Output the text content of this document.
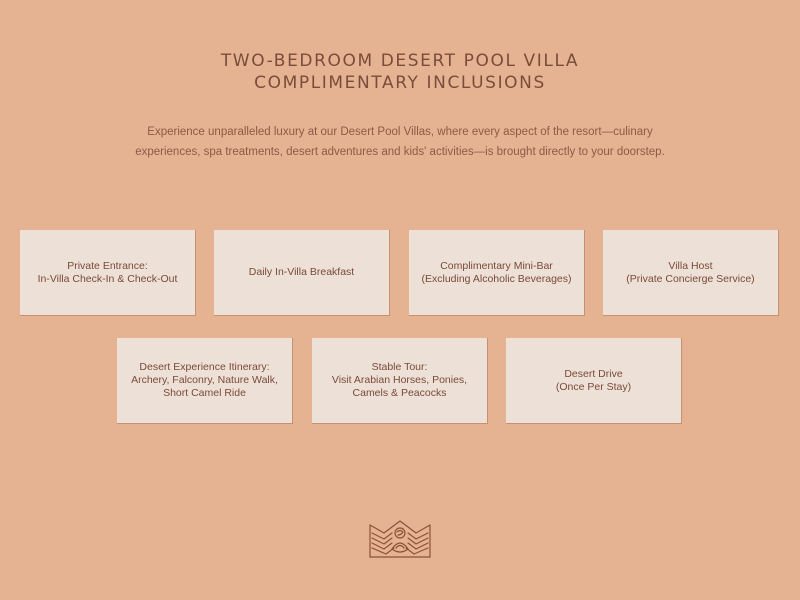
TWO-BEDROOM DESERT POOL VILLA
COMPLIMENTARY INCLUSIONS

Experience unparalleled luxury at our Desert Pool Villas, where every aspect of the resort—culinary
experiences, spa treatments, desert adventures and kids' activities—is brought directly to your doorstep.

Private Entrance:
In-Villa Check-In & Check-Out
Daily In-Villa Breakfast
Complimentary Mini-Bar
(Excluding Alcoholic Beverages)
Villa Host
(Private Concierge Service)
Desert Experience Itinerary:
Archery, Falconry, Nature Walk,
Short Camel Ride
Stable Tour:
Visit Arabian Horses, Ponies,
Camels & Peacocks
Desert Drive
(Once Per Stay)
